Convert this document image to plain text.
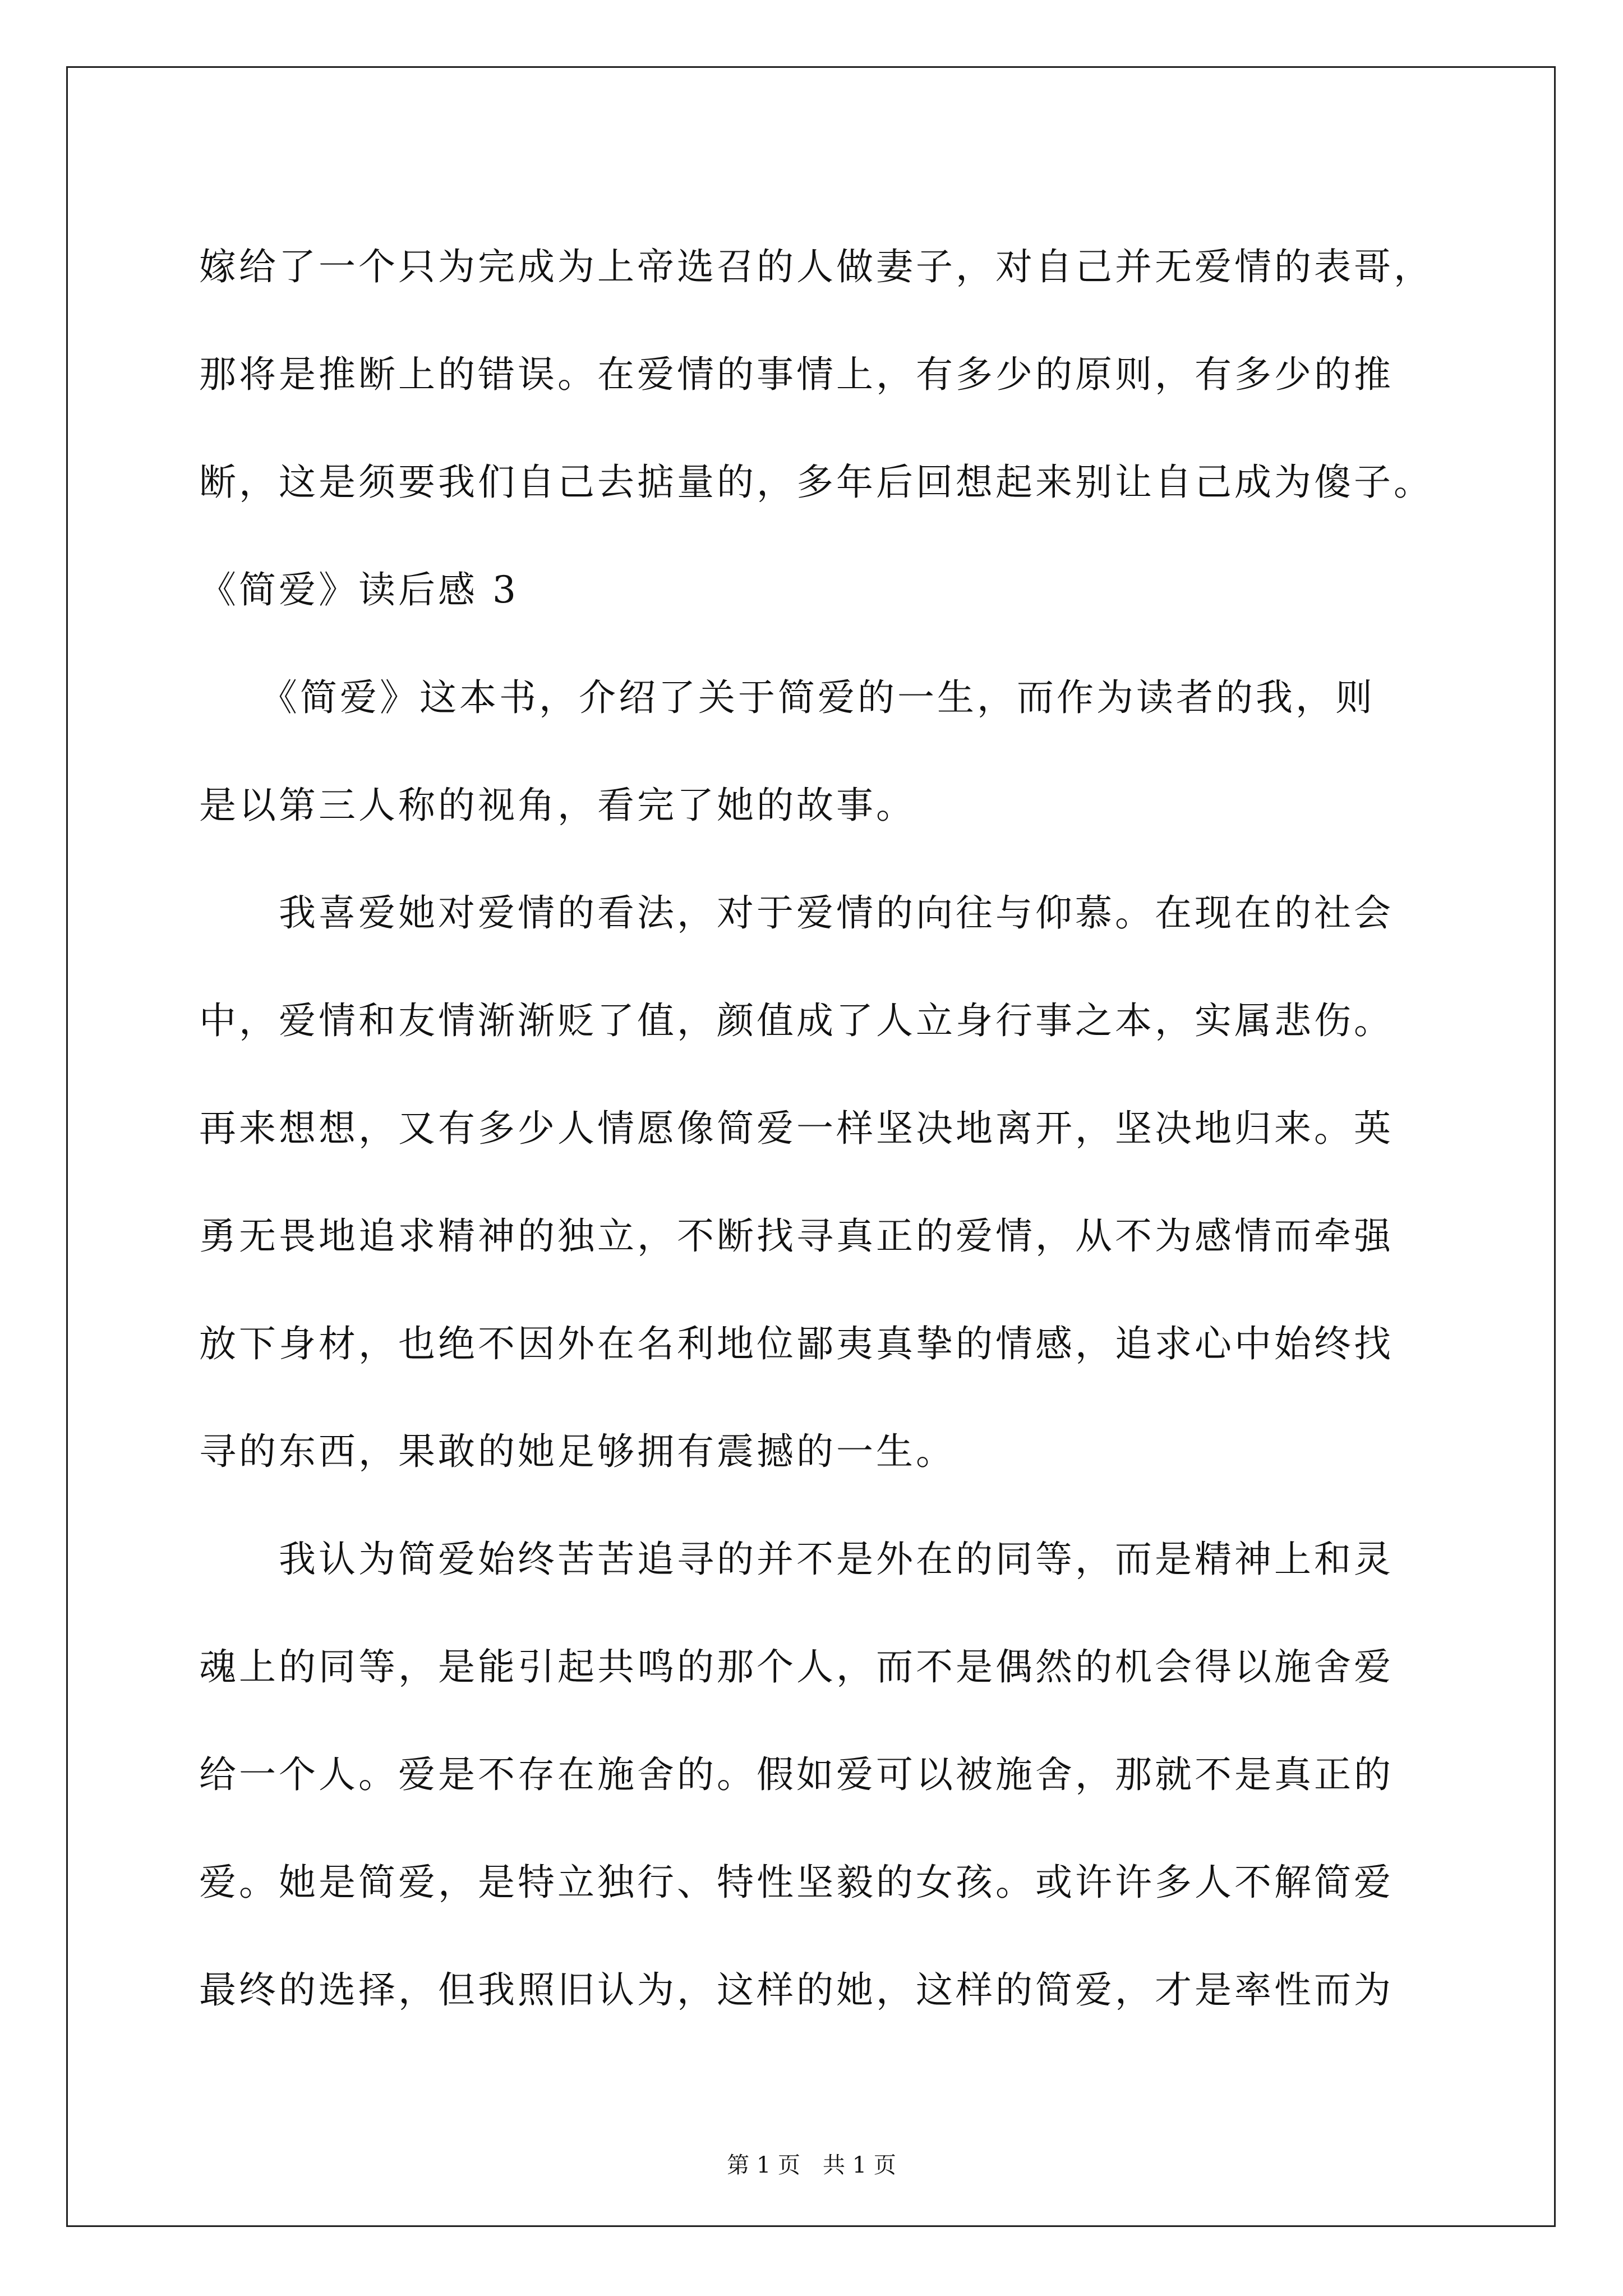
嫁给了一个只为完成为上帝选召的人做妻子，对自己并无爱情的表哥，
那将是推断上的错误。在爱情的事情上，有多少的原则，有多少的推
断，这是须要我们自己去掂量的，多年后回想起来别让自己成为傻子。
《简爱》读后感 3
　　《简爱》这本书，介绍了关于简爱的一生，而作为读者的我，则
是以第三人称的视角，看完了她的故事。
　　我喜爱她对爱情的看法，对于爱情的向往与仰慕。在现在的社会
中，爱情和友情渐渐贬了值，颜值成了人立身行事之本，实属悲伤。
再来想想，又有多少人情愿像简爱一样坚决地离开，坚决地归来。英
勇无畏地追求精神的独立，不断找寻真正的爱情，从不为感情而牵强
放下身材，也绝不因外在名利地位鄙夷真挚的情感，追求心中始终找
寻的东西，果敢的她足够拥有震撼的一生。
　　我认为简爱始终苦苦追寻的并不是外在的同等，而是精神上和灵
魂上的同等，是能引起共鸣的那个人，而不是偶然的机会得以施舍爱
给一个人。爱是不存在施舍的。假如爱可以被施舍，那就不是真正的
爱。她是简爱，是特立独行、特性坚毅的女孩。或许许多人不解简爱
最终的选择，但我照旧认为，这样的她，这样的简爱，才是率性而为
第 1 页　共 1 页
